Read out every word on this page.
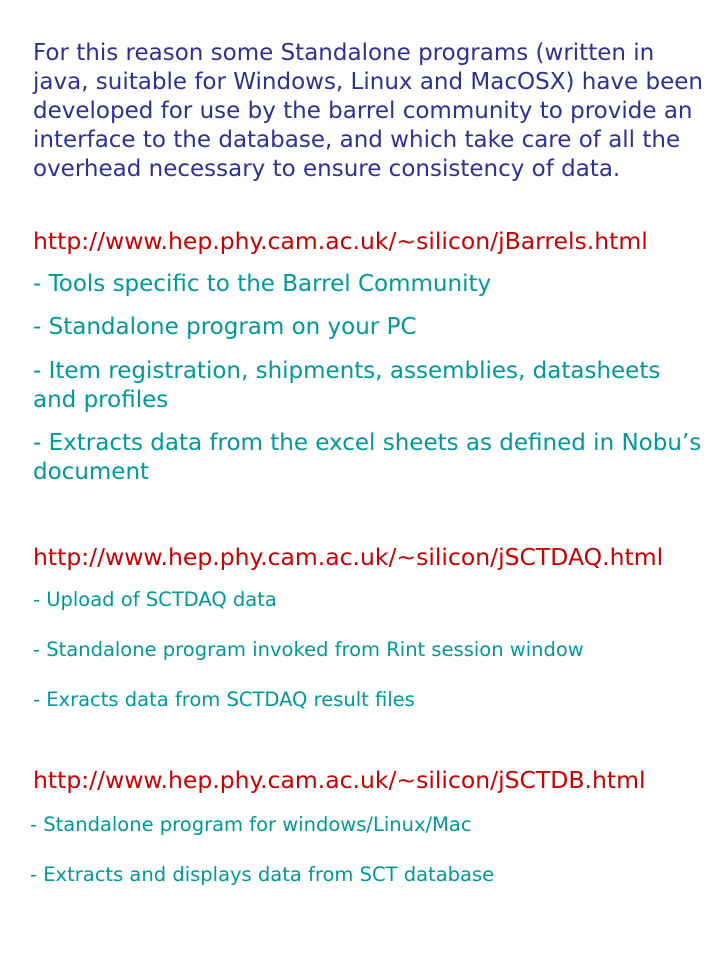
For this reason some Standalone programs (written in java, suitable for Windows, Linux and MacOSX) have been developed for use by the barrel community to provide an interface to the database, and which take care of all the overhead necessary to ensure consistency of data.

http://www.hep.phy.cam.ac.uk/~silicon/jBarrels.html
- Tools specific to the Barrel Community
- Standalone program on your PC
- Item registration, shipments, assemblies, datasheets and profiles
- Extracts data from the excel sheets as defined in Nobu’s document
http://www.hep.phy.cam.ac.uk/~silicon/jSCTDAQ.html
- Upload of SCTDAQ data
- Standalone program invoked from Rint session window
- Exracts data from SCTDAQ result files
http://www.hep.phy.cam.ac.uk/~silicon/jSCTDB.html
- Standalone program for windows/Linux/Mac
- Extracts and displays data from SCT database
